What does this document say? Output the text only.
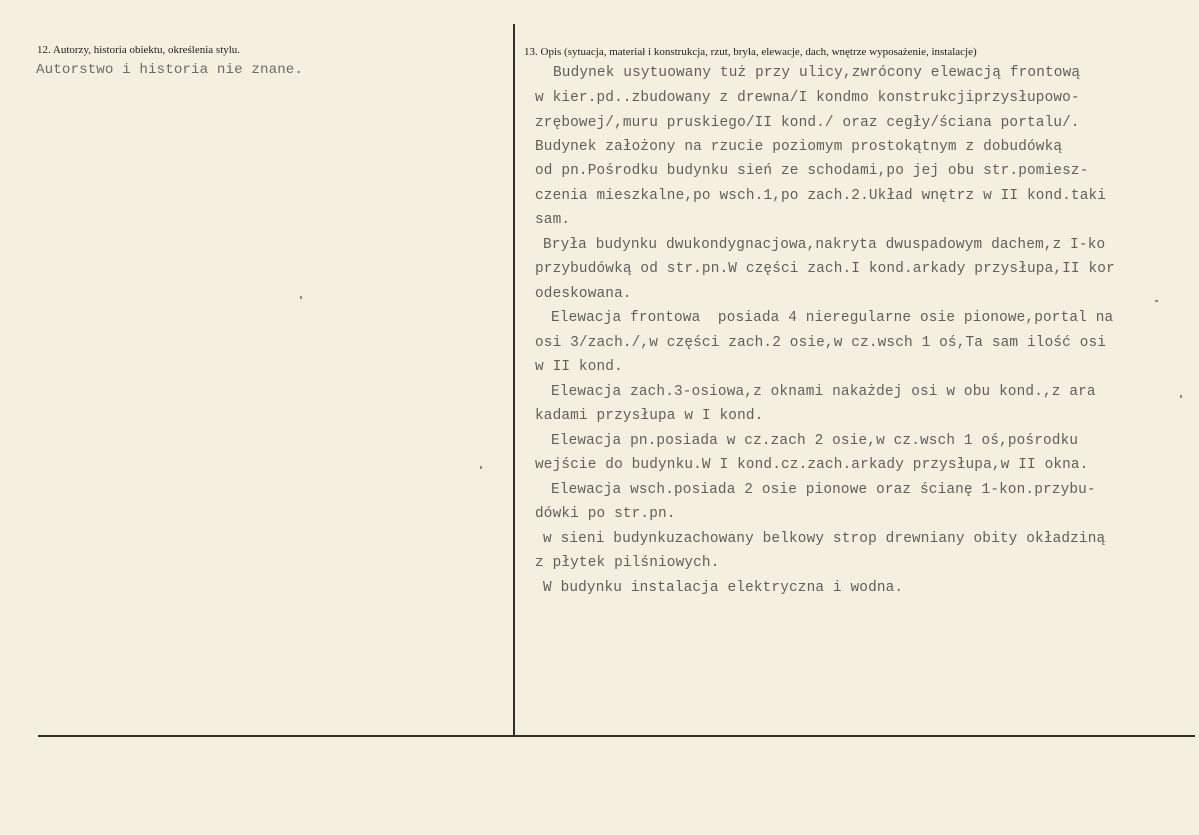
12. Autorzy, historia obiektu, określenia stylu.
Autorstwo i historia nie znane.
13. Opis (sytuacja, materiał i konstrukcja, rzut, bryła, elewacje, dach, wnętrze wyposażenie, instalacje)
Budynek usytuowany tuż przy ulicy,zwrócony elewacją frontową
w kier.pd..zbudowany z drewna/I kondmo konstrukcjiprzysłupowo-
zrębowej/,muru pruskiego/II kond./ oraz cegły/ściana portalu/.
Budynek założony na rzucie poziomym prostokątnym z dobudówką
od pn.Pośrodku budynku sień ze schodami,po jej obu str.pomiesz-
czenia mieszkalne,po wsch.1,po zach.2.Układ wnętrz w II kond.taki
sam.
Bryła budynku dwukondygnacjowa,nakryta dwuspadowym dachem,z I-ko
przybudówką od str.pn.W części zach.I kond.arkady przysłupa,II kor
odeskowana.
Elewacja frontowa  posiada 4 nieregularne osie pionowe,portal na
osi 3/zach./,w części zach.2 osie,w cz.wsch 1 oś,Ta sam ilość osi
w II kond.
Elewacja zach.3-osiowa,z oknami nakażdej osi w obu kond.,z ara
kadami przysłupa w I kond.
Elewacja pn.posiada w cz.zach 2 osie,w cz.wsch 1 oś,pośrodku
wejście do budynku.W I kond.cz.zach.arkady przysłupa,w II okna.
Elewacja wsch.posiada 2 osie pionowe oraz ścianę 1-kon.przybu-
dówki po str.pn.
w sieni budynkuzachowany belkowy strop drewniany obity okładziną
z płytek pilśniowych.
W budynku instalacja elektryczna i wodna.
